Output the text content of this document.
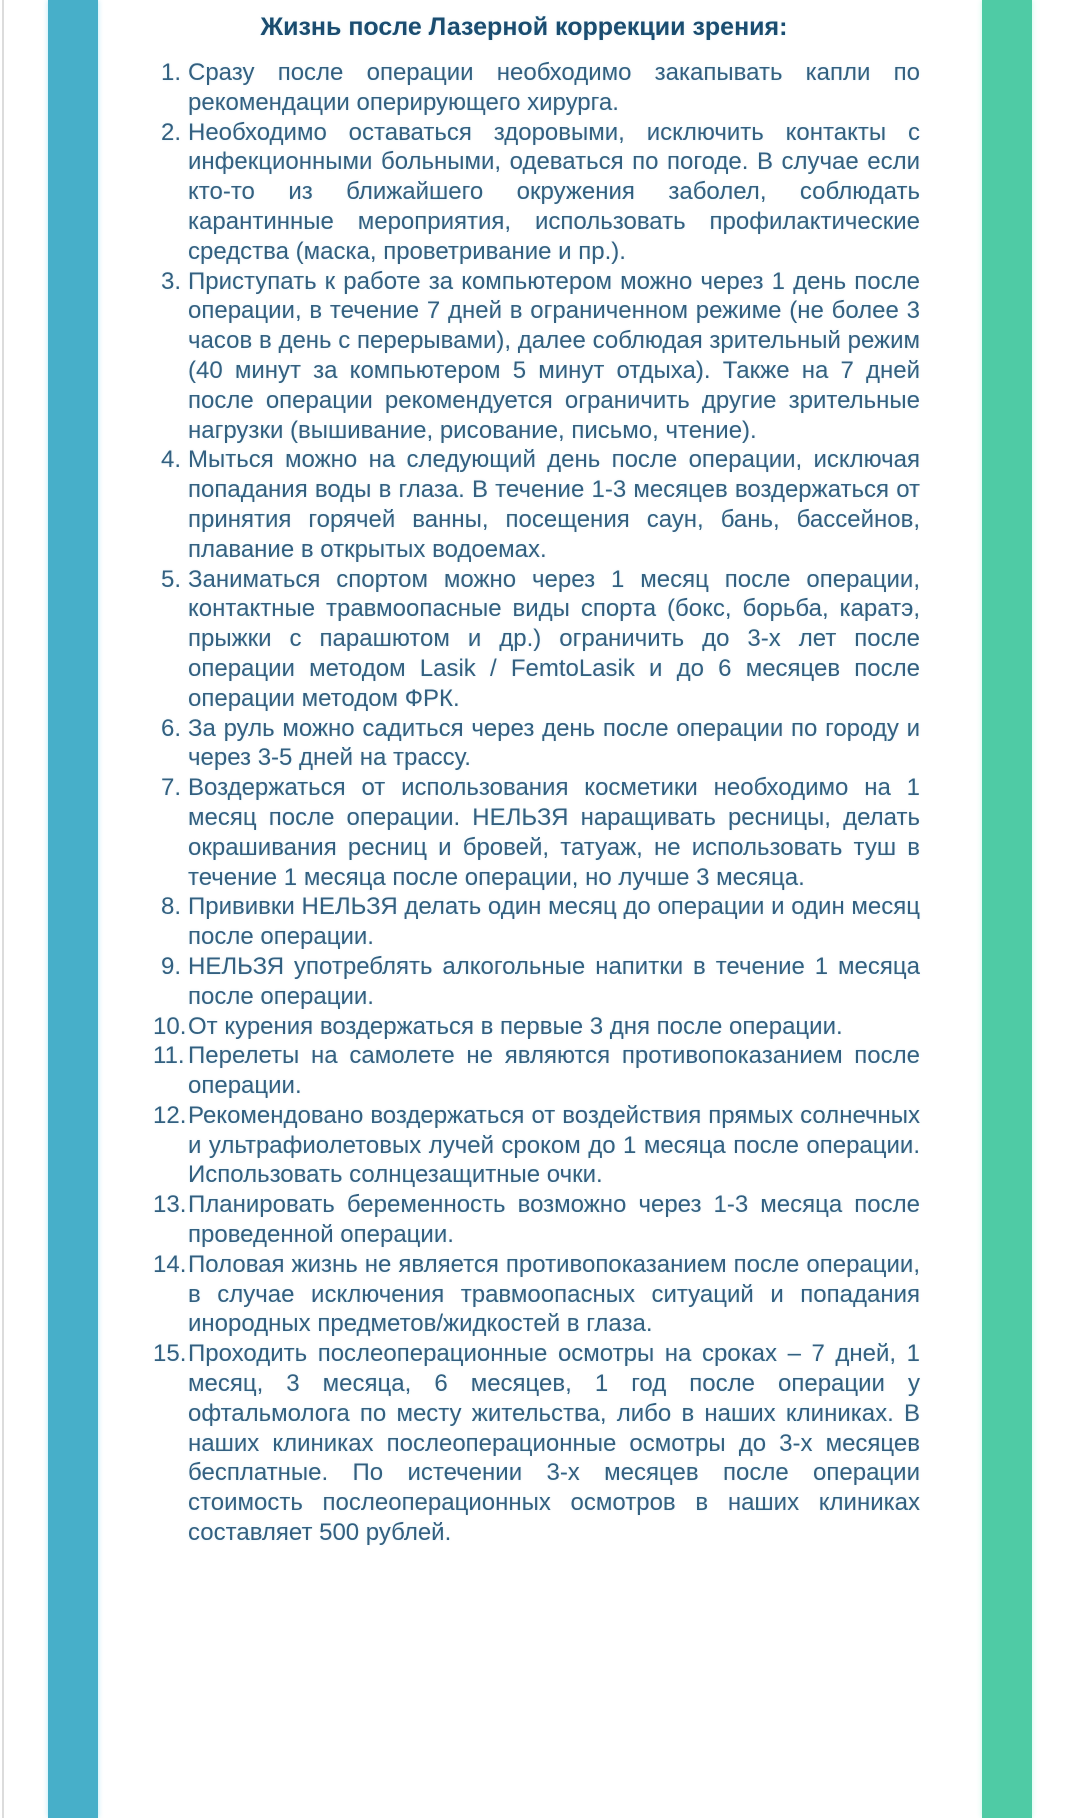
Жизнь после Лазерной коррекции зрения:
1. Сразу после операции необходимо закапывать капли по рекомендации оперирующего хирурга.
2. Необходимо оставаться здоровыми, исключить контакты с инфекционными больными, одеваться по погоде. В случае если кто-то из ближайшего окружения заболел, соблюдать карантинные мероприятия, использовать профилактические средства (маска, проветривание и пр.).
3. Приступать к работе за компьютером можно через 1 день после операции, в течение 7 дней в ограниченном режиме (не более 3 часов в день с перерывами), далее соблюдая зрительный режим (40 минут за компьютером 5 минут отдыха). Также на 7 дней после операции рекомендуется ограничить другие зрительные нагрузки (вышивание, рисование, письмо, чтение).
4. Мыться можно на следующий день после операции, исключая попадания воды в глаза. В течение 1-3 месяцев воздержаться от принятия горячей ванны, посещения саун, бань, бассейнов, плавание в открытых водоемах.
5. Заниматься спортом можно через 1 месяц после операции, контактные травмоопасные виды спорта (бокс, борьба, каратэ, прыжки с парашютом и др.) ограничить до 3-х лет после операции методом Lasik / FemtoLasik и до 6 месяцев после операции методом ФРК.
6. За руль можно садиться через день после операции по городу и через 3-5 дней на трассу.
7. Воздержаться от использования косметики необходимо на 1 месяц после операции. НЕЛЬЗЯ наращивать ресницы, делать окрашивания ресниц и бровей, татуаж, не использовать туш в течение 1 месяца после операции, но лучше 3 месяца.
8. Прививки НЕЛЬЗЯ делать один месяц до операции и один месяц после операции.
9. НЕЛЬЗЯ употреблять алкогольные напитки в течение 1 месяца после операции.
10. От курения воздержаться в первые 3 дня после операции.
11. Перелеты на самолете не являются противопоказанием после операции.
12. Рекомендовано воздержаться от воздействия прямых солнечных и ультрафиолетовых лучей сроком до 1 месяца после операции. Использовать солнцезащитные очки.
13. Планировать беременность возможно через 1-3 месяца после проведенной операции.
14. Половая жизнь не является противопоказанием после операции, в случае исключения травмоопасных ситуаций и попадания инородных предметов/жидкостей в глаза.
15. Проходить послеоперационные осмотры на сроках – 7 дней, 1 месяц, 3 месяца, 6 месяцев, 1 год после операции у офтальмолога по месту жительства, либо в наших клиниках. В наших клиниках послеоперационные осмотры до 3-х месяцев бесплатные. По истечении 3-х месяцев после операции стоимость послеоперационных осмотров в наших клиниках составляет 500 рублей.
